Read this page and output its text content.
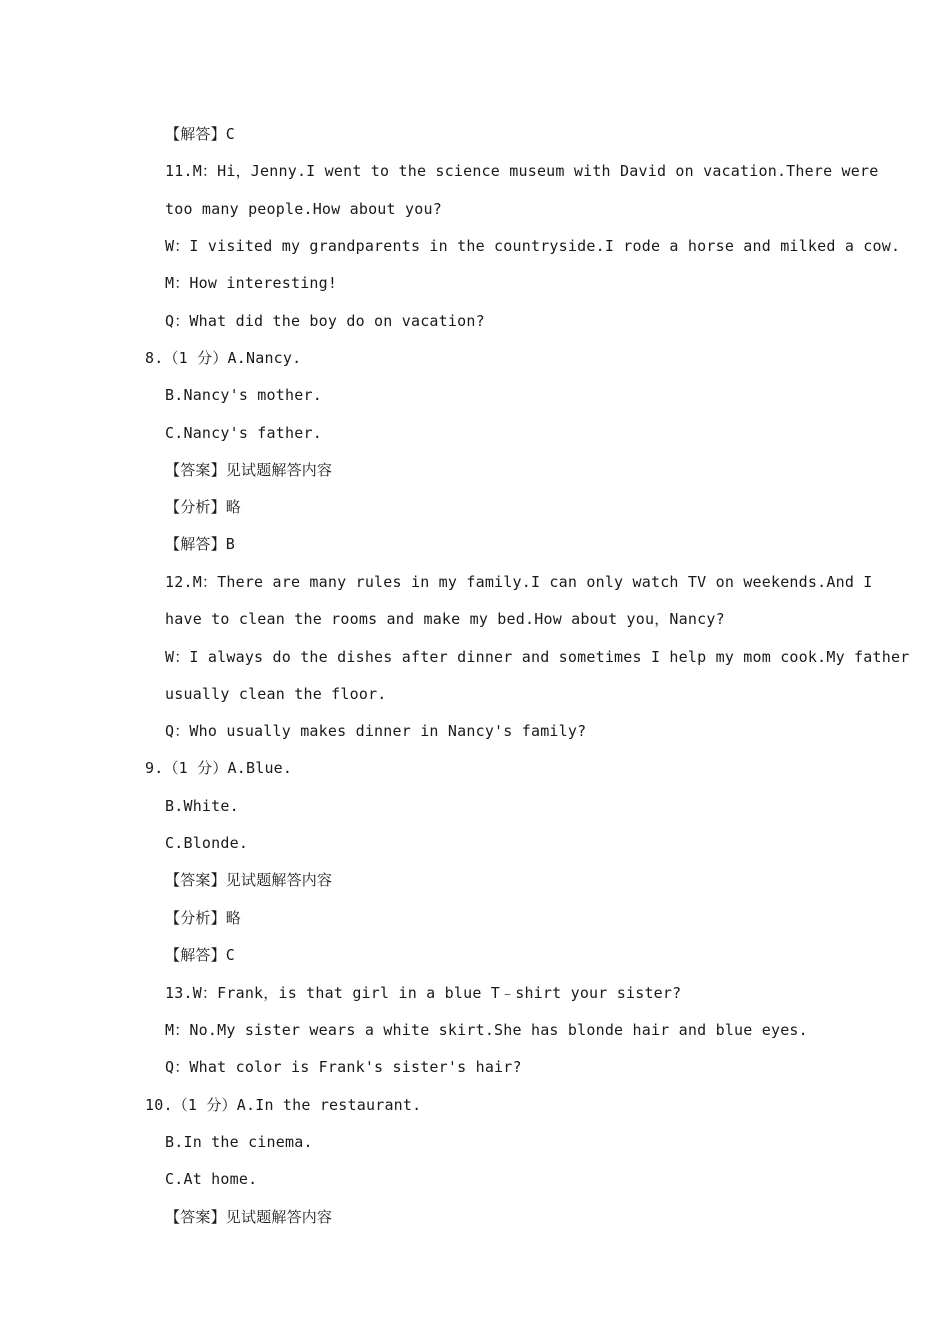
【解答】C
11.M：Hi，Jenny.I went to the science museum with David on vacation.There were
too many people.How about you?
W：I visited my grandparents in the countryside.I rode a horse and milked a cow.
M：How interesting!
Q：What did the boy do on vacation?
8.（1 分）A.Nancy.
B.Nancy's mother.
C.Nancy's father.
【答案】见试题解答内容
【分析】略
【解答】B
12.M：There are many rules in my family.I can only watch TV on weekends.And I
have to clean the rooms and make my bed.How about you，Nancy?
W：I always do the dishes after dinner and sometimes I help my mom cook.My father
usually clean the floor.
Q：Who usually makes dinner in Nancy's family?
9.（1 分）A.Blue.
B.White.
C.Blonde.
【答案】见试题解答内容
【分析】略
【解答】C
13.W：Frank，is that girl in a blue T﹣shirt your sister?
M：No.My sister wears a white skirt.She has blonde hair and blue eyes.
Q：What color is Frank's sister's hair?
10.（1 分）A.In the restaurant.
B.In the cinema.
C.At home.
【答案】见试题解答内容
